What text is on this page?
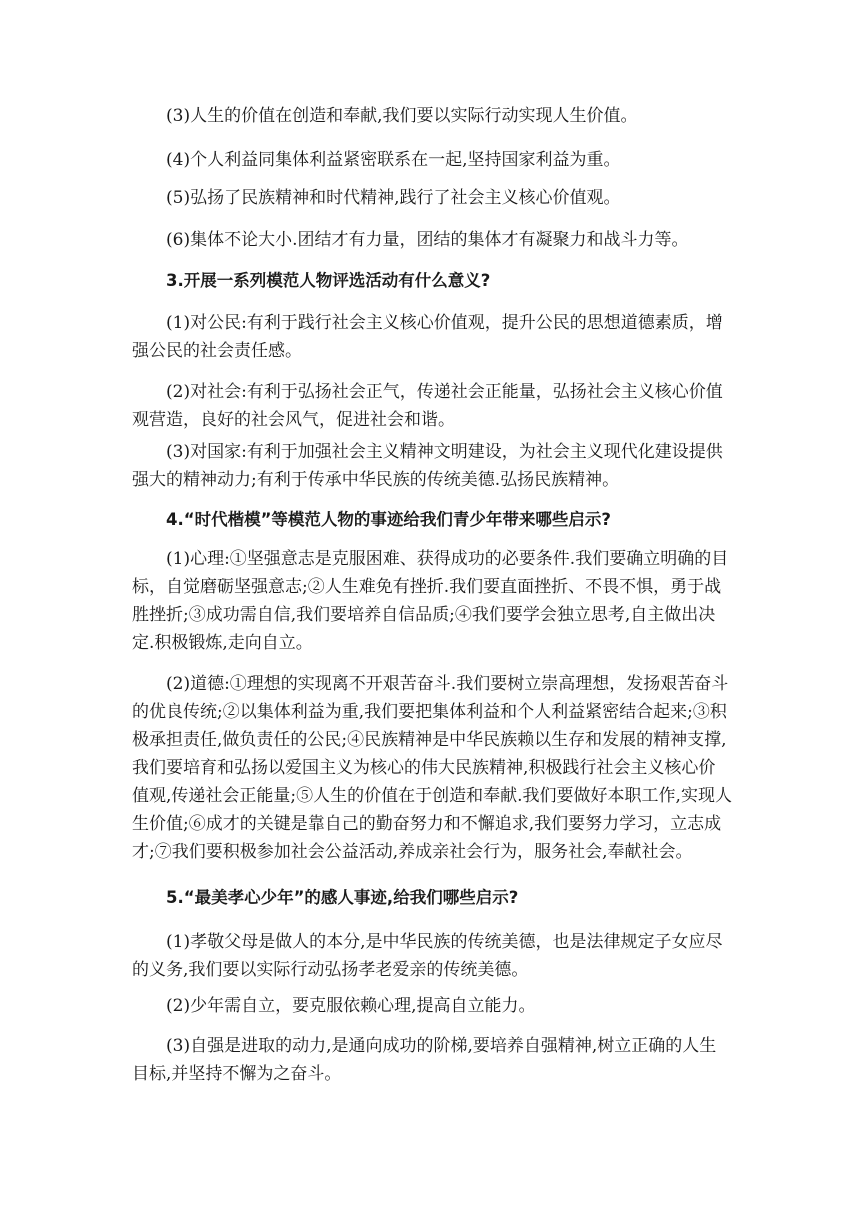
(3)人生的价值在创造和奉献,我们要以实际行动实现人生价值。

(4)个人利益同集体利益紧密联系在一起,坚持国家利益为重。

(5)弘扬了民族精神和时代精神,践行了社会主义核心价值观。

(6)集体不论大小.团结才有力量，团结的集体才有凝聚力和战斗力等。

3.开展一系列模范人物评选活动有什么意义?

(1)对公民:有利于践行社会主义核心价值观，提升公民的思想道德素质，增强公民的社会责任感。

(2)对社会:有利于弘扬社会正气，传递社会正能量，弘扬社会主义核心价值观营造，良好的社会风气，促进社会和谐。

(3)对国家:有利于加强社会主义精神文明建设，为社会主义现代化建设提供强大的精神动力;有利于传承中华民族的传统美德.弘扬民族精神。

4.“时代楷模”等模范人物的事迹给我们青少年带来哪些启示?

(1)心理:①坚强意志是克服困难、获得成功的必要条件.我们要确立明确的目标，自觉磨砺坚强意志;②人生难免有挫折.我们要直面挫折、不畏不惧，勇于战胜挫折;③成功需自信,我们要培养自信品质;④我们要学会独立思考,自主做出决定.积极锻炼,走向自立。

(2)道德:①理想的实现离不开艰苦奋斗.我们要树立崇高理想，发扬艰苦奋斗的优良传统;②以集体利益为重,我们要把集体利益和个人利益紧密结合起来;③积极承担责任,做负责任的公民;④民族精神是中华民族赖以生存和发展的精神支撑,我们要培育和弘扬以爱国主义为核心的伟大民族精神,积极践行社会主义核心价值观,传递社会正能量;⑤人生的价值在于创造和奉献.我们要做好本职工作,实现人生价值;⑥成才的关键是靠自己的勤奋努力和不懈追求,我们要努力学习，立志成才;⑦我们要积极参加社会公益活动,养成亲社会行为，服务社会,奉献社会。

5.“最美孝心少年”的感人事迹,给我们哪些启示?

(1)孝敬父母是做人的本分,是中华民族的传统美德，也是法律规定子女应尽的义务,我们要以实际行动弘扬孝老爱亲的传统美德。

(2)少年需自立，要克服依赖心理,提高自立能力。

(3)自强是进取的动力,是通向成功的阶梯,要培养自强精神,树立正确的人生目标,并坚持不懈为之奋斗。
